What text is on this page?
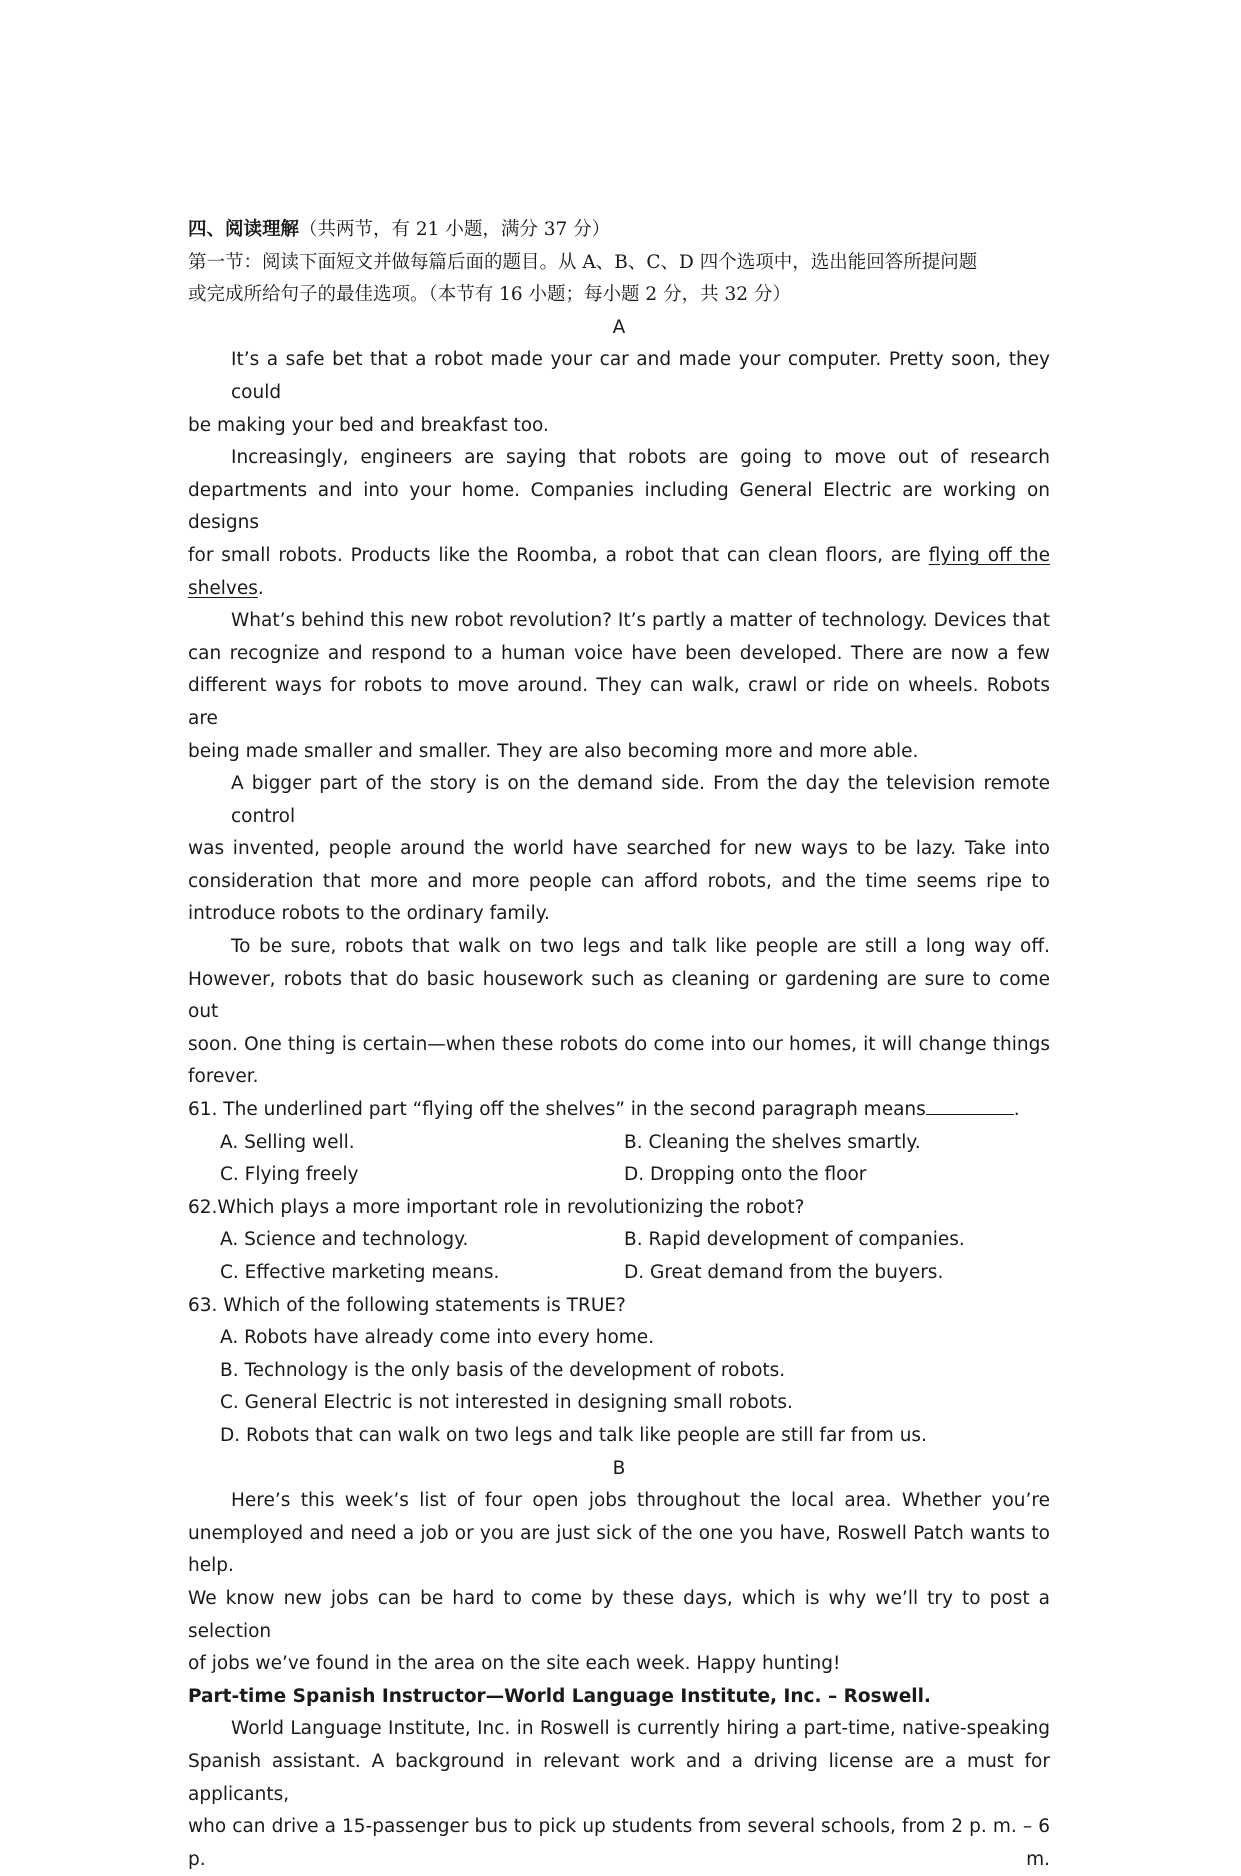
四、阅读理解（共两节，有 21 小题，满分 37 分）
第一节：阅读下面短文并做每篇后面的题目。从 A、B、C、D 四个选项中，选出能回答所提问题
或完成所给句子的最佳选项。（本节有 16 小题；每小题 2 分，共 32 分）
A
It’s a safe bet that a robot made your car and made your computer. Pretty soon, they could
be making your bed and breakfast too.
Increasingly, engineers are saying that robots are going to move out of research
departments and into your home. Companies including General Electric are working on designs
for small robots. Products like the Roomba, a robot that can clean floors, are flying off the
shelves.
What’s behind this new robot revolution? It’s partly a matter of technology. Devices that
can recognize and respond to a human voice have been developed. There are now a few
different ways for robots to move around. They can walk, crawl or ride on wheels. Robots are
being made smaller and smaller. They are also becoming more and more able.
A bigger part of the story is on the demand side. From the day the television remote control
was invented, people around the world have searched for new ways to be lazy. Take into
consideration that more and more people can afford robots, and the time seems ripe to
introduce robots to the ordinary family.
To be sure, robots that walk on two legs and talk like people are still a long way off.
However, robots that do basic housework such as cleaning or gardening are sure to come out
soon. One thing is certain—when these robots do come into our homes, it will change things
forever.
61. The underlined part “flying off the shelves” in the second paragraph means	.
A. Selling well.	B. Cleaning the shelves smartly.
C. Flying freely	D. Dropping onto the floor
62.Which plays a more important role in revolutionizing the robot?
A. Science and technology.	B. Rapid development of companies.
C. Effective marketing means.	D. Great demand from the buyers.
63. Which of the following statements is TRUE?
A. Robots have already come into every home.
B. Technology is the only basis of the development of robots.
C. General Electric is not interested in designing small robots.
D. Robots that can walk on two legs and talk like people are still far from us.
B
Here’s this week’s list of four open jobs throughout the local area. Whether you’re
unemployed and need a job or you are just sick of the one you have, Roswell Patch wants to help.
We know new jobs can be hard to come by these days, which is why we’ll try to post a selection
of jobs we’ve found in the area on the site each week. Happy hunting!
Part-time Spanish Instructor—World Language Institute, Inc. – Roswell.
World Language Institute, Inc. in Roswell is currently hiring a part-time, native-speaking
Spanish assistant. A background in relevant work and a driving license are a must for applicants,
who can drive a 15-passenger bus to pick up students from several schools, from 2 p. m. – 6 p. m.
